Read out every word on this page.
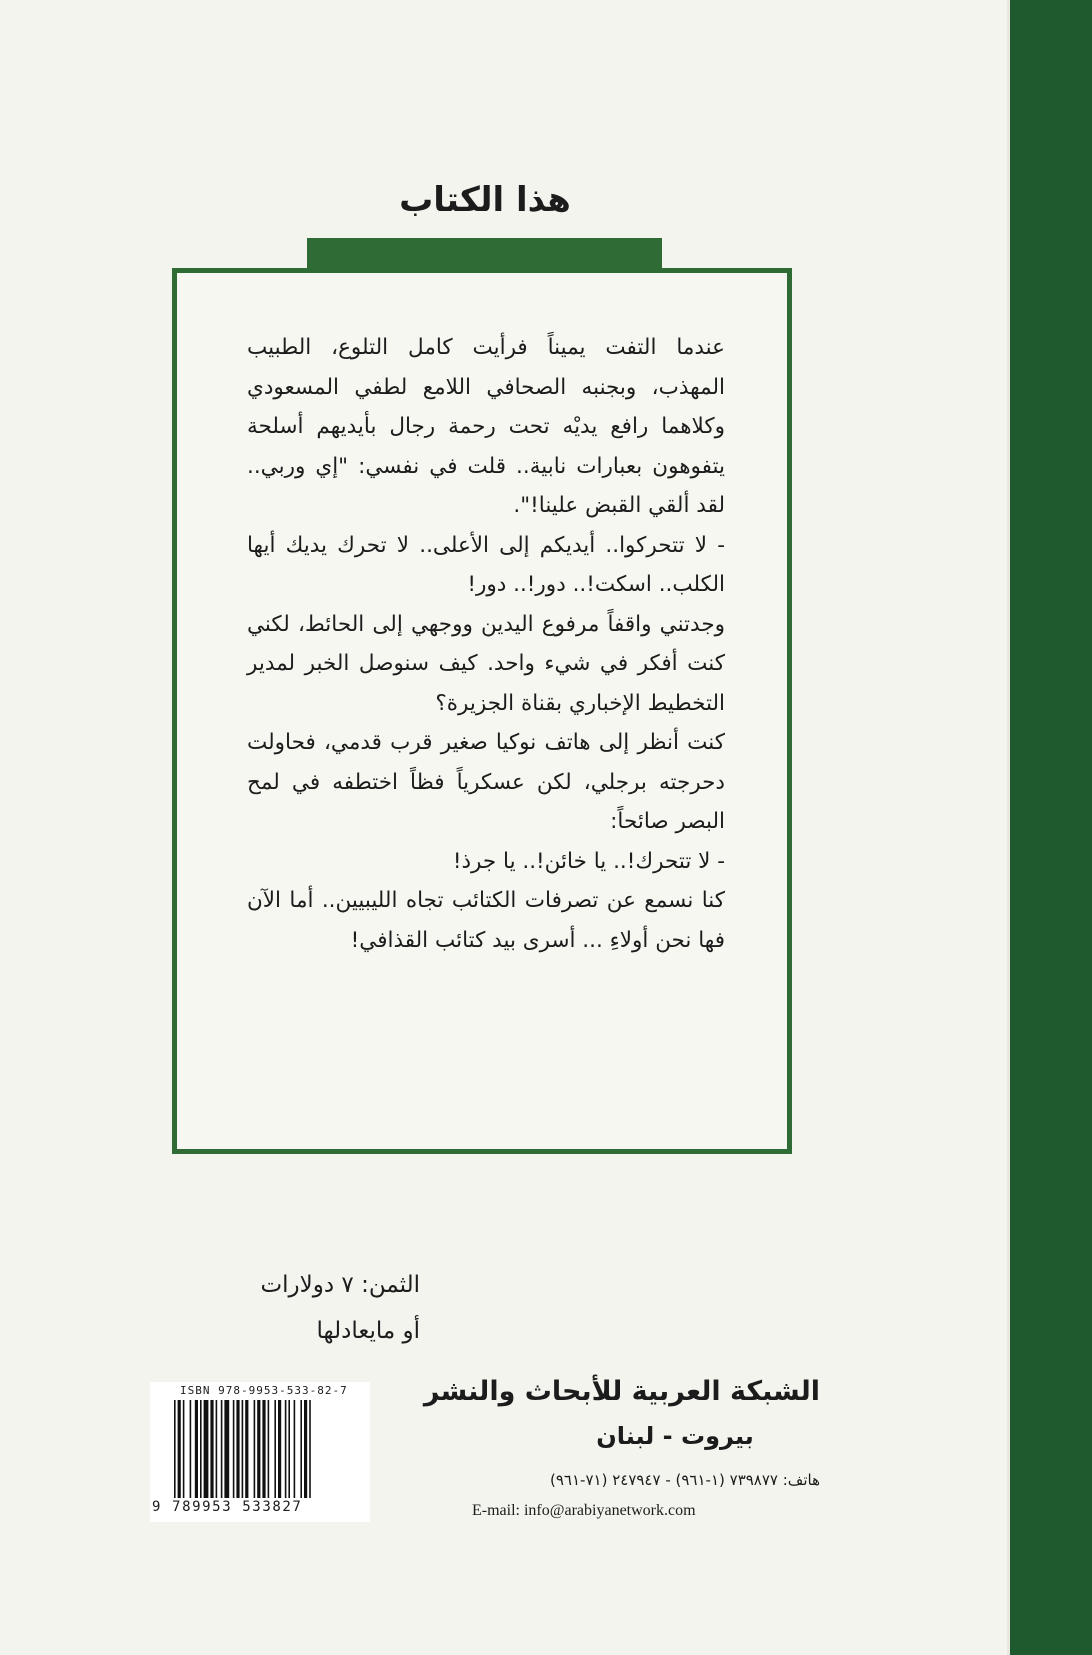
هذا الكتاب

عندما التفت يميناً فرأيت كامل التلوع، الطبيب المهذب، وبجنبه الصحافي اللامع لطفي المسعودي وكلاهما رافع يديْه تحت رحمة رجال بأيديهم أسلحة يتفوهون بعبارات نابية.. قلت في نفسي: "إي وربي.. لقد ألقي القبض علينا!".

- لا تتحركوا.. أيديكم إلى الأعلى.. لا تحرك يديك أيها الكلب.. اسكت!.. دور!.. دور!

وجدتني واقفاً مرفوع اليدين ووجهي إلى الحائط، لكني كنت أفكر في شيء واحد. كيف سنوصل الخبر لمدير التخطيط الإخباري بقناة الجزيرة؟

كنت أنظر إلى هاتف نوكيا صغير قرب قدمي، فحاولت دحرجته برجلي، لكن عسكرياً فظاً اختطفه في لمح البصر صائحاً:

- لا تتحرك!.. يا خائن!.. يا جرذ!

كنا نسمع عن تصرفات الكتائب تجاه الليبيين.. أما الآن فها نحن أولاءِ ... أسرى بيد كتائب القذافي!

الثمن: ٧ دولارات
أو مايعادلها
الشبكة العربية للأبحاث والنشر
بيروت - لبنان
هاتف: ٧٣٩٨٧٧ (١-٩٦١) - ٢٤٧٩٤٧ (٧١-٩٦١)
E-mail: info@arabiyanetwork.com
ISBN 978-9953-533-82-7
9 789953 533827
